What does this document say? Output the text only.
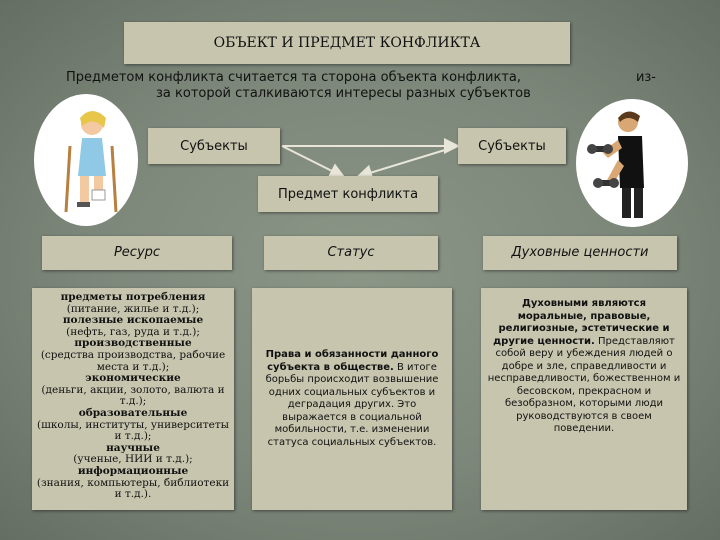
ОБЪЕКТ И ПРЕДМЕТ КОНФЛИКТА
Предметом конфликта считается та сторона объекта конфликта,	из-
за которой сталкиваются интересы разных субъектов
Субъекты	Субъекты
Предмет конфликта
Ресурс	Статус	Духовные ценности
предметы потребления
(питание, жилье и т.д.);
полезные ископаемые
(нефть, газ, руда и т.д.);
производственные
(средства производства, рабочие места и т.д.);
экономические
(деньги, акции, золото, валюта и т.д.);
образовательные
(школы, институты, университеты и т.д.);
научные
(ученые, НИИ и т.д.);
информационные
(знания, компьютеры, библиотеки и т.д.).

Права и обязанности данного субъекта в обществе. В итоге борьбы происходит возвышение одних социальных субъектов и деградация других. Это выражается в социальной мобильности, т.е. изменении статуса социальных субъектов.

Духовными являются моральные, правовые, религиозные, эстетические и другие ценности. Представляют собой веру и убеждения людей о добре и зле, справедливости и несправедливости, божественном и бесовском, прекрасном и безобразном, которыми люди руководствуются в своем поведении.
